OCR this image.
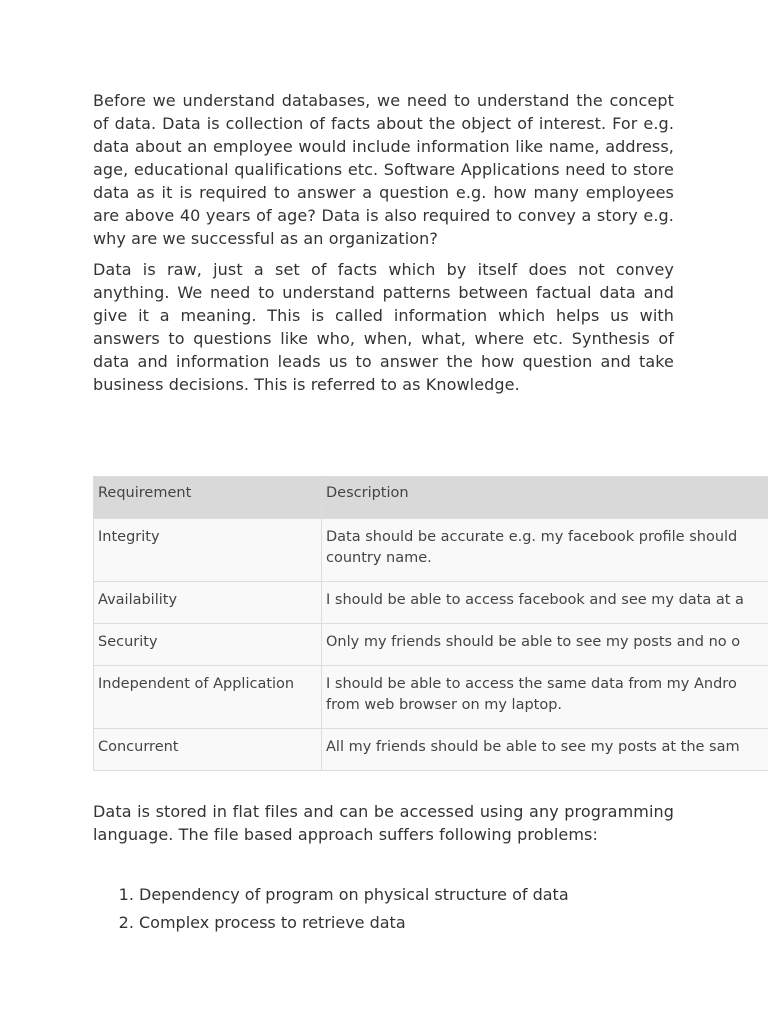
Before we understand databases, we need to understand the concept of data. Data is collection of facts about the object of interest. For e.g. data about an employee would include information like name, address, age, educational qualifications etc. Software Applications need to store data as it is required to answer a question e.g. how many employees are above 40 years of age? Data is also required to convey a story e.g. why are we successful as an organization?

Data is raw, just a set of facts which by itself does not convey anything. We need to understand patterns between factual data and give it a meaning. This is called information which helps us with answers to questions like who, when, what, where etc. Synthesis of data and information leads us to answer the how question and take business decisions. This is referred to as Knowledge.

Requirement	Description
Integrity	Data should be accurate e.g. my facebook profile should
country name.

Availability	I should be able to access facebook and see my data at a

Security	Only my friends should be able to see my posts and no o

Independent of Application	I should be able to access the same data from my Andro
from web browser on my laptop.

Concurrent	All my friends should be able to see my posts at the sam

Data is stored in flat files and can be accessed using any programming language. The file based approach suffers following problems:

1. Dependency of program on physical structure of data
2. Complex process to retrieve data
